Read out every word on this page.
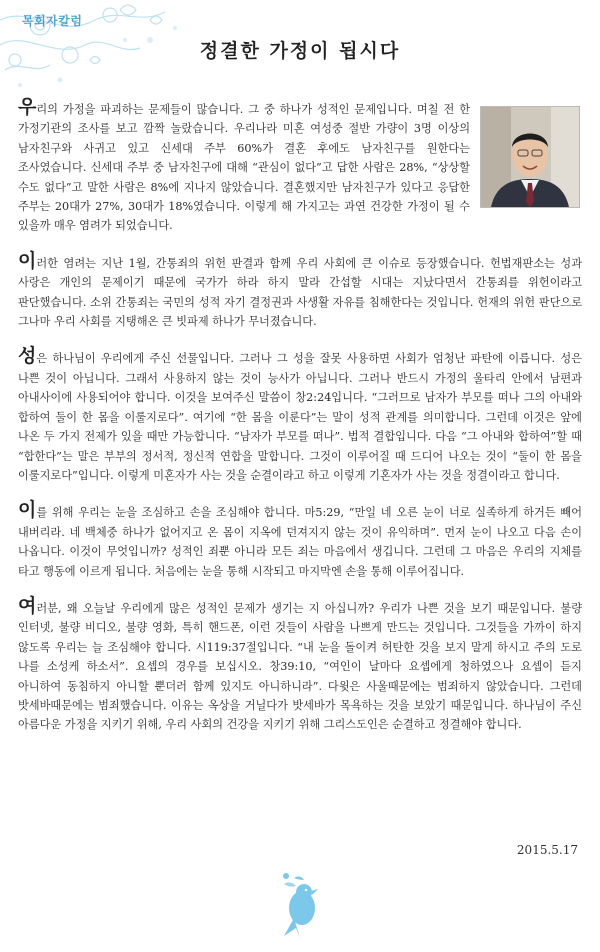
목회자칼럼
정결한 가정이 됩시다

우리의 가정을 파괴하는 문제들이 많습니다. 그 중 하나가 성적인 문제입니다. 며칠 전 한 가정기관의 조사를 보고 깜짝 놀랐습니다. 우리나라 미혼 여성중 절반 가량이 3명 이상의 남자친구와 사귀고 있고 신세대 주부 60%가 결혼 후에도 남자친구를 원한다는 조사였습니다. 신세대 주부 중 남자친구에 대해 “관심이 없다”고 답한 사람은 28%, “상상할 수도 없다”고 말한 사람은 8%에 지나지 않았습니다. 결혼했지만 남자친구가 있다고 응답한 주부는 20대가 27%, 30대가 18%였습니다. 이렇게 해 가지고는 과연 건강한 가정이 될 수 있을까 매우 염려가 되었습니다.

이러한 염려는 지난 1월, 간통죄의 위헌 판결과 함께 우리 사회에 큰 이슈로 등장했습니다. 헌법재판소는 성과 사랑은 개인의 문제이기 때문에 국가가 하라 하지 말라 간섭할 시대는 지났다면서 간통죄를 위헌이라고 판단했습니다. 소위 간통죄는 국민의 성적 자기 결정권과 사생활 자유를 침해한다는 것입니다. 헌재의 위헌 판단으로 그나마 우리 사회를 지탱해온 큰 빗파제 하나가 무너졌습니다.

성은 하나님이 우리에게 주신 선물입니다. 그러나 그 성을 잘못 사용하면 사회가 엄청난 파탄에 이릅니다. 성은 나쁜 것이 아닙니다. 그래서 사용하지 않는 것이 능사가 아닙니다. 그러나 반드시 가정의 울타리 안에서 남편과 아내사이에 사용되어야 합니다. 이것을 보여주신 말씀이 창2:24입니다. “그러므로 남자가 부모를 떠나 그의 아내와 합하여 둘이 한 몸을 이룰지로다”. 여기에 “한 몸을 이룬다”는 말이 성적 관계를 의미합니다. 그런데 이것은 앞에 나온 두 가지 전제가 있을 때만 가능합니다. “남자가 부모를 떠나”. 법적 결합입니다. 다음 “그 아내와 합하여”할 때 “합한다”는 말은 부부의 정서적, 정신적 연합을 말합니다. 그것이 이루어질 때 드디어 나오는 것이 “둘이 한 몸을 이룰지로다”입니다. 이렇게 미혼자가 사는 것을 순결이라고 하고 이렇게 기혼자가 사는 것을 정결이라고 합니다.

이를 위해 우리는 눈을 조심하고 손을 조심해야 합니다. 마5:29, “만일 네 오른 눈이 너로 실족하게 하거든 빼어 내버리라. 네 백체중 하나가 없어지고 온 몸이 지옥에 던져지지 않는 것이 유익하며”. 먼저 눈이 나오고 다음 손이 나옵니다. 이것이 무엇입니까? 성적인 죄뿐 아니라 모든 죄는 마음에서 생깁니다. 그런데 그 마음은 우리의 지체를 타고 행동에 이르게 됩니다. 처음에는 눈을 통해 시작되고 마지막엔 손을 통해 이루어집니다.

여러분, 왜 오늘날 우리에게 많은 성적인 문제가 생기는 지 아십니까? 우리가 나쁜 것을 보기 때문입니다. 불량 인터넷, 불량 비디오, 불량 영화, 특히 핸드폰, 이런 것들이 사람을 나쁘게 만드는 것입니다. 그것들을 가까이 하지 않도록 우리는 늘 조심해야 합니다. 시119:37절입니다. “내 눈을 돌이켜 허탄한 것을 보지 말게 하시고 주의 도로 나를 소성케 하소서”. 요셉의 경우를 보십시오. 창39:10, “여인이 날마다 요셉에게 청하였으나 요셉이 듣지 아니하여 동침하지 아니할 뿐더러 함께 있지도 아니하니라”. 다윗은 사울때문에는 범죄하지 않았습니다. 그런데 밧세바때문에는 범죄했습니다. 이유는 옥상을 거닐다가 밧세바가 목욕하는 것을 보았기 때문입니다. 하나님이 주신 아름다운 가정을 지키기 위해, 우리 사회의 건강을 지키기 위해 그리스도인은 순결하고 정결해야 합니다.

2015.5.17
